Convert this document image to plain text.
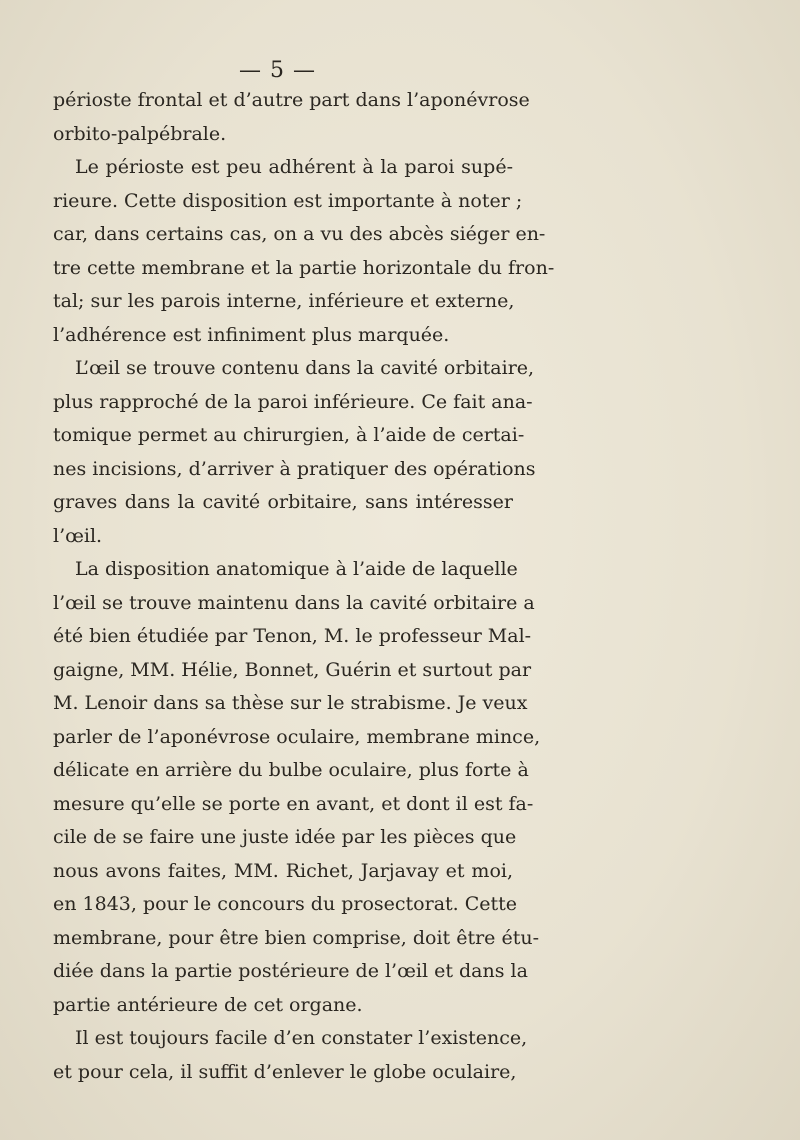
— 5 —
périoste frontal et d’autre part dans l’aponévrose
orbito-palpébrale.
Le périoste est peu adhérent à la paroi supé-
rieure. Cette disposition est importante à noter ;
car, dans certains cas, on a vu des abcès siéger en-
tre cette membrane et la partie horizontale du fron-
tal; sur les parois interne, inférieure et externe,
l’adhérence est infiniment plus marquée.
L’œil se trouve contenu dans la cavité orbitaire,
plus rapproché de la paroi inférieure. Ce fait ana-
tomique permet au chirurgien, à l’aide de certai-
nes incisions, d’arriver à pratiquer des opérations
graves dans la cavité orbitaire, sans intéresser
l’œil.
La disposition anatomique à l’aide de laquelle
l’œil se trouve maintenu dans la cavité orbitaire a
été bien étudiée par Tenon, M. le professeur Mal-
gaigne, MM. Hélie, Bonnet, Guérin et surtout par
M. Lenoir dans sa thèse sur le strabisme. Je veux
parler de l’aponévrose oculaire, membrane mince,
délicate en arrière du bulbe oculaire, plus forte à
mesure qu’elle se porte en avant, et dont il est fa-
cile de se faire une juste idée par les pièces que
nous avons faites, MM. Richet, Jarjavay et moi,
en 1843, pour le concours du prosectorat. Cette
membrane, pour être bien comprise, doit être étu-
diée dans la partie postérieure de l’œil et dans la
partie antérieure de cet organe.
Il est toujours facile d’en constater l’existence,
et pour cela, il suffit d’enlever le globe oculaire,
